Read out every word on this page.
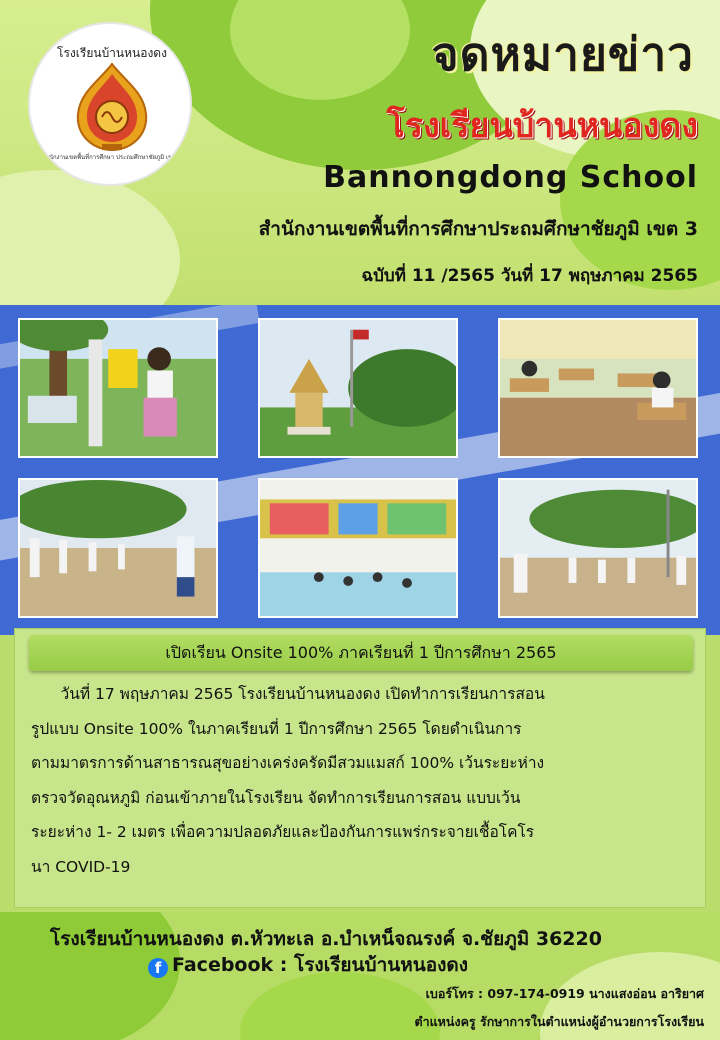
โรงเรียนบ้านหนองดง
สำนักงานเขตพื้นที่การศึกษา ประถมศึกษาชัยภูมิ เขต ๓
จดหมายข่าว
โรงเรียนบ้านหนองดง
Bannongdong School
สำนักงานเขตพื้นที่การศึกษาประถมศึกษาชัยภูมิ เขต 3
ฉบับที่ 11 /2565 วันที่ 17 พฤษภาคม 2565
เปิดเรียน Onsite 100% ภาคเรียนที่ 1 ปีการศึกษา 2565
วันที่ 17 พฤษภาคม 2565 โรงเรียนบ้านหนองดง เปิดทำการเรียนการสอน
รูปแบบ Onsite 100% ในภาคเรียนที่ 1 ปีการศึกษา 2565 โดยดำเนินการ
ตามมาตรการด้านสาธารณสุขอย่างเคร่งครัดมีสวมแมสก์ 100% เว้นระยะห่าง
ตรวจวัดอุณหภูมิ ก่อนเข้าภายในโรงเรียน จัดทำการเรียนการสอน แบบเว้น
ระยะห่าง 1- 2 เมตร เพื่อความปลอดภัยและป้องกันการแพร่กระจายเชื้อโคโร
นา COVID-19
โรงเรียนบ้านหนองดง ต.หัวทะเล อ.บำเหน็จณรงค์ จ.ชัยภูมิ 36220
f Facebook : โรงเรียนบ้านหนองดง
เบอร์โทร : 097-174-0919 นางแสงอ่อน อาริยาศ
ตำแหน่งครู รักษาการในตำแหน่งผู้อำนวยการโรงเรียน
